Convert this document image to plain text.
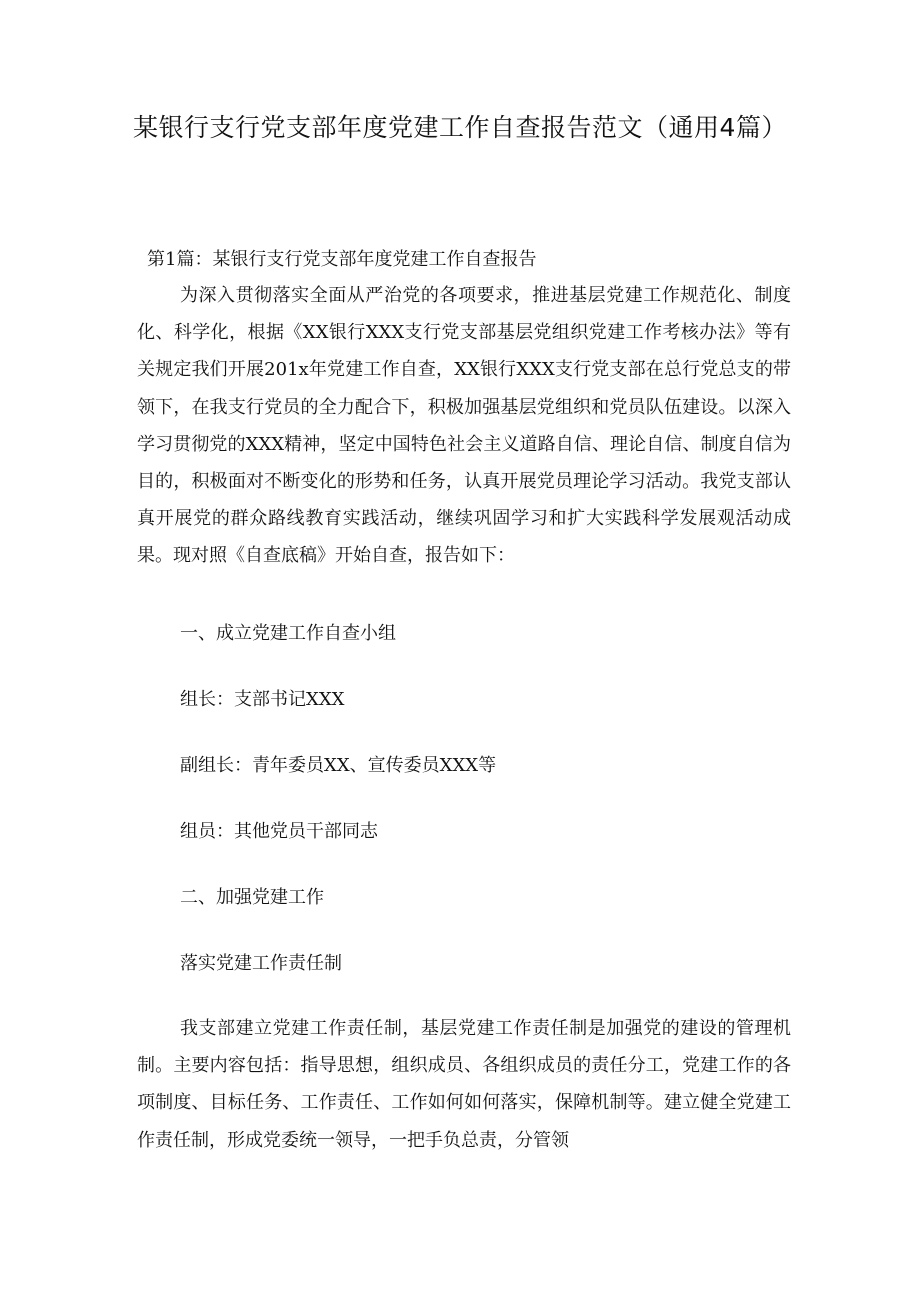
某银行支行党支部年度党建工作自查报告范文（通用4篇）
第1篇：某银行支行党支部年度党建工作自查报告
为深入贯彻落实全面从严治党的各项要求，推进基层党建工作规范化、制度化、科学化，根据《XX银行XXX支行党支部基层党组织党建工作考核办法》等有关规定我们开展201x年党建工作自查，XX银行XXX支行党支部在总行党总支的带领下，在我支行党员的全力配合下，积极加强基层党组织和党员队伍建设。以深入学习贯彻党的XXX精神，坚定中国特色社会主义道路自信、理论自信、制度自信为目的，积极面对不断变化的形势和任务，认真开展党员理论学习活动。我党支部认真开展党的群众路线教育实践活动，继续巩固学习和扩大实践科学发展观活动成果。现对照《自查底稿》开始自查，报告如下：
一、成立党建工作自查小组
组长：支部书记XXX
副组长：青年委员XX、宣传委员XXX等
组员：其他党员干部同志
二、加强党建工作
落实党建工作责任制
我支部建立党建工作责任制，基层党建工作责任制是加强党的建设的管理机制。主要内容包括：指导思想，组织成员、各组织成员的责任分工，党建工作的各项制度、目标任务、工作责任、工作如何如何落实，保障机制等。建立健全党建工作责任制，形成党委统一领导，一把手负总责，分管领
